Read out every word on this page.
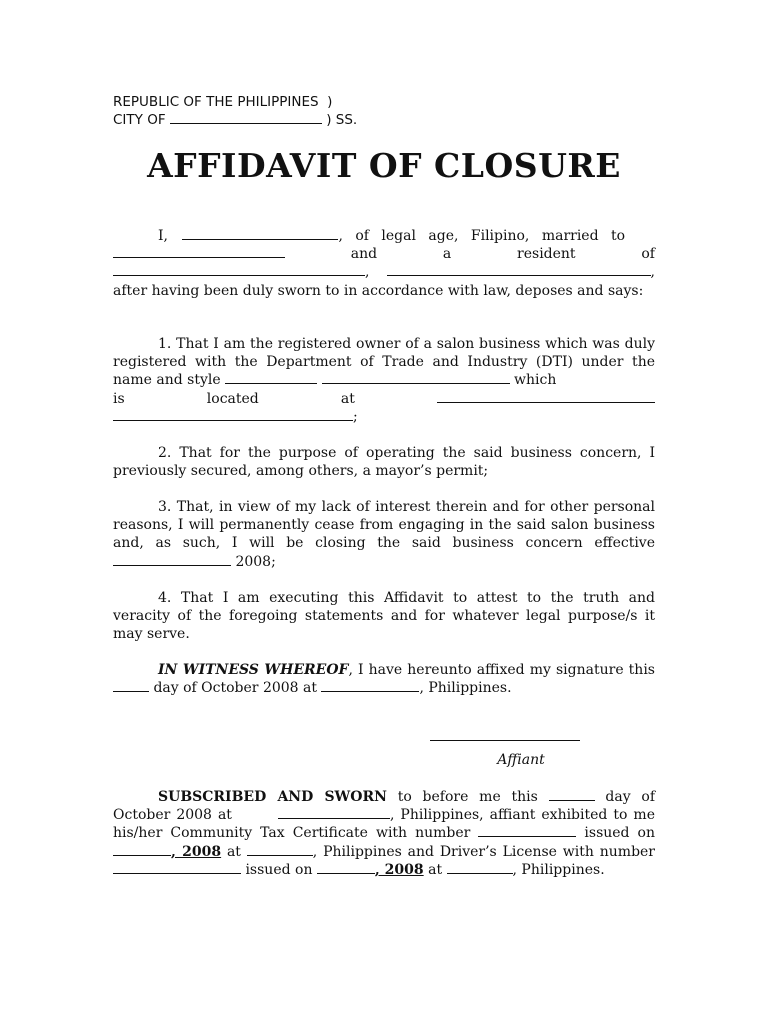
REPUBLIC OF THE PHILIPPINES )
CITY OF	) SS.
AFFIDAVIT OF CLOSURE
I,	, of legal age, Filipino, married to
and	a	resident	of
,	,
after having been duly sworn to in accordance with law, deposes and says:
1. That I am the registered owner of a salon business which was duly registered with the Department of Trade and Industry (DTI) under the name and style	which
is	located	at
;
2. That for the purpose of operating the said business concern, I previously secured, among others, a mayor’s permit;
3. That, in view of my lack of interest therein and for other personal reasons, I will permanently cease from engaging in the said salon business and, as such, I will be closing the said business concern effective  2008;
4. That I am executing this Affidavit to attest to the truth and veracity of the foregoing statements and for whatever legal purpose/s it may serve.
IN WITNESS WHEREOF, I have hereunto affixed my signature this  day of October 2008 at	, Philippines.
Affiant
SUBSCRIBED AND SWORN to before me this	day of October 2008 at	, Philippines, affiant exhibited to me his/her Community Tax Certificate with number	issued on , 2008 at	, Philippines and Driver’s License with number  issued on	, 2008 at	, Philippines.
